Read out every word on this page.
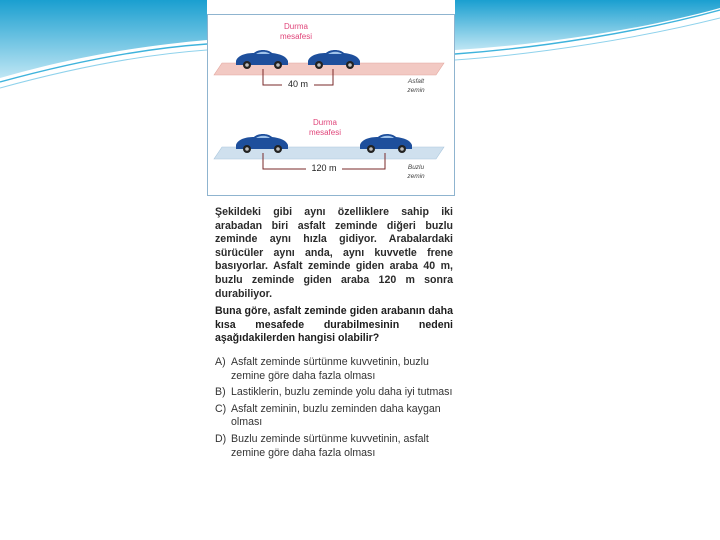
Durma
mesafesi
40 m	Asfalt
zemin
Durma
mesafesi
120 m	Buzlu
zemin

Şekildeki gibi aynı özelliklere sahip iki arabadan biri asfalt zeminde diğeri buzlu zeminde aynı hızla gidiyor. Arabalardaki sürücüler aynı anda, aynı kuvvetle frene basıyorlar. Asfalt zeminde giden araba 40 m, buzlu zeminde giden araba 120 m sonra durabiliyor.

Buna göre, asfalt zeminde giden arabanın daha kısa mesafede durabilmesinin nedeni aşağıdakilerden hangisi olabilir?

A) Asfalt zeminde sürtünme kuvvetinin, buzlu zemine göre daha fazla olması

B) Lastiklerin, buzlu zeminde yolu daha iyi tutması

C) Asfalt zeminin, buzlu zeminden daha kaygan olması

D) Buzlu zeminde sürtünme kuvvetinin, asfalt zemine göre daha fazla olması
